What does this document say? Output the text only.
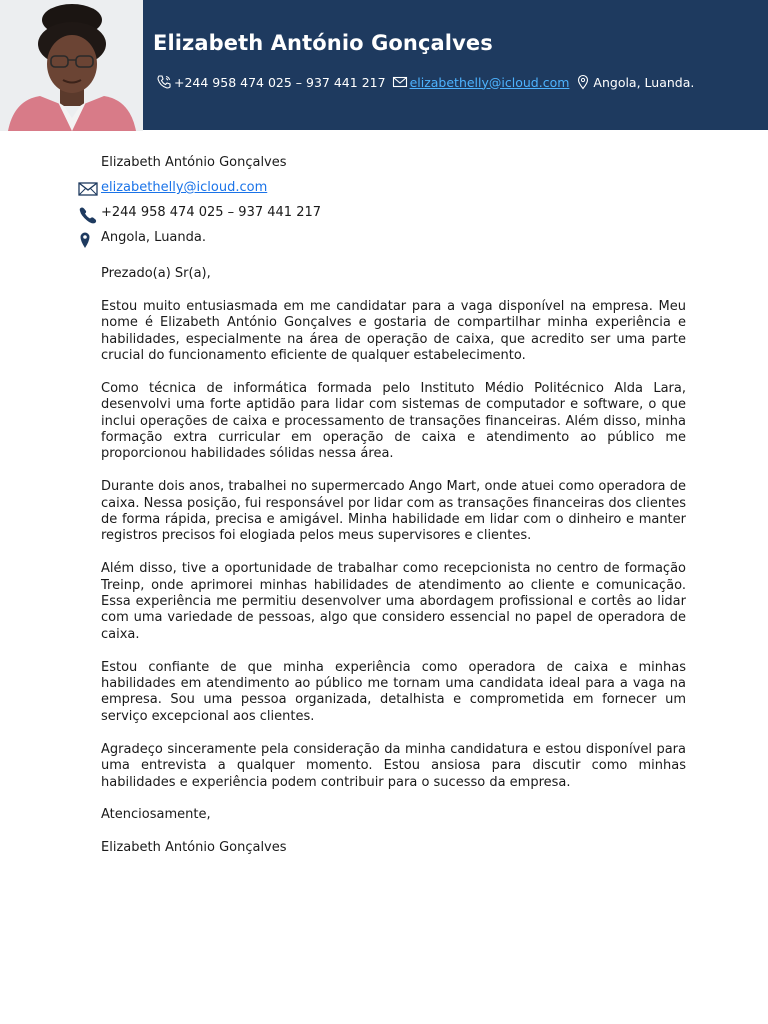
Elizabeth António Gonçalves
+244 958 474 025 – 937 441 217 elizabethelly@icloud.com Angola, Luanda.
Elizabeth António Gonçalves
elizabethelly@icloud.com
+244 958 474 025 – 937 441 217
Angola, Luanda.

Prezado(a) Sr(a),

Estou muito entusiasmada em me candidatar para a vaga disponível na empresa. Meu nome é Elizabeth António Gonçalves e gostaria de compartilhar minha experiência e habilidades, especialmente na área de operação de caixa, que acredito ser uma parte crucial do funcionamento eficiente de qualquer estabelecimento.

Como técnica de informática formada pelo Instituto Médio Politécnico Alda Lara, desenvolvi uma forte aptidão para lidar com sistemas de computador e software, o que inclui operações de caixa e processamento de transações financeiras. Além disso, minha formação extra curricular em operação de caixa e atendimento ao público me proporcionou habilidades sólidas nessa área.

Durante dois anos, trabalhei no supermercado Ango Mart, onde atuei como operadora de caixa. Nessa posição, fui responsável por lidar com as transações financeiras dos clientes de forma rápida, precisa e amigável. Minha habilidade em lidar com o dinheiro e manter registros precisos foi elogiada pelos meus supervisores e clientes.

Além disso, tive a oportunidade de trabalhar como recepcionista no centro de formação Treinp, onde aprimorei minhas habilidades de atendimento ao cliente e comunicação. Essa experiência me permitiu desenvolver uma abordagem profissional e cortês ao lidar com uma variedade de pessoas, algo que considero essencial no papel de operadora de caixa.

Estou confiante de que minha experiência como operadora de caixa e minhas habilidades em atendimento ao público me tornam uma candidata ideal para a vaga na empresa. Sou uma pessoa organizada, detalhista e comprometida em fornecer um serviço excepcional aos clientes.

Agradeço sinceramente pela consideração da minha candidatura e estou disponível para uma entrevista a qualquer momento. Estou ansiosa para discutir como minhas habilidades e experiência podem contribuir para o sucesso da empresa.

Atenciosamente,

Elizabeth António Gonçalves
